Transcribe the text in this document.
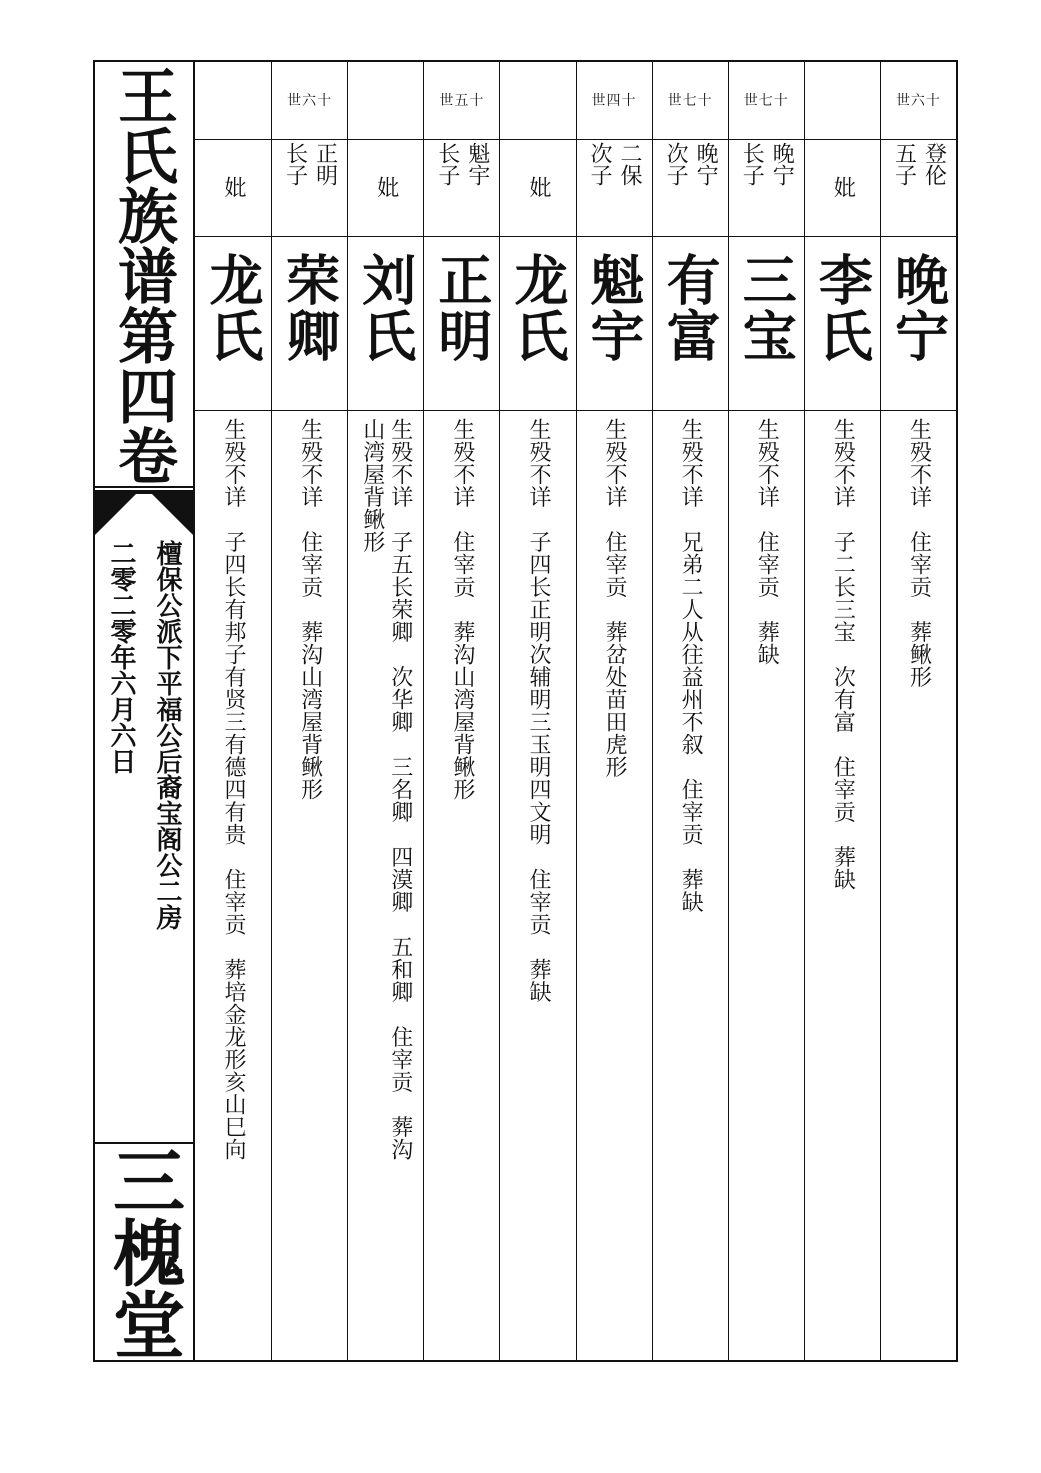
王氏族谱第四卷
檀保公派下平福公后裔宝阁公二房
二零二零年六月六日
三槐堂
妣
龙氏
生殁不详　子四长有邦子有贤三有德四有贵　住宰贡　葬培金龙形亥山巳向
世六十
正明 长子
荣卿
生殁不详　住宰贡　葬沟山湾屋背鳅形
妣
刘氏
生殁不详　子五长荣卿　次华卿　三名卿　四漠卿　五和卿　住宰贡　葬沟
山湾屋背鳅形
世五十
魁宇 长子
正明
生殁不详　住宰贡　葬沟山湾屋背鳅形
妣
龙氏
生殁不详　子四长正明次辅明三玉明四文明　住宰贡　葬缺
世四十
二保 次子
魁宇
生殁不详　住宰贡　葬岔处苗田虎形
世七十
晚宁 次子
有富
生殁不详　兄弟二人从往益州不叙　住宰贡　葬缺
世七十
晚宁 长子
三宝
生殁不详　住宰贡　葬缺
妣
李氏
生殁不详　子二长三宝　次有富　住宰贡　葬缺
世六十
登伦 五子
晚宁
生殁不详　住宰贡　葬鳅形
